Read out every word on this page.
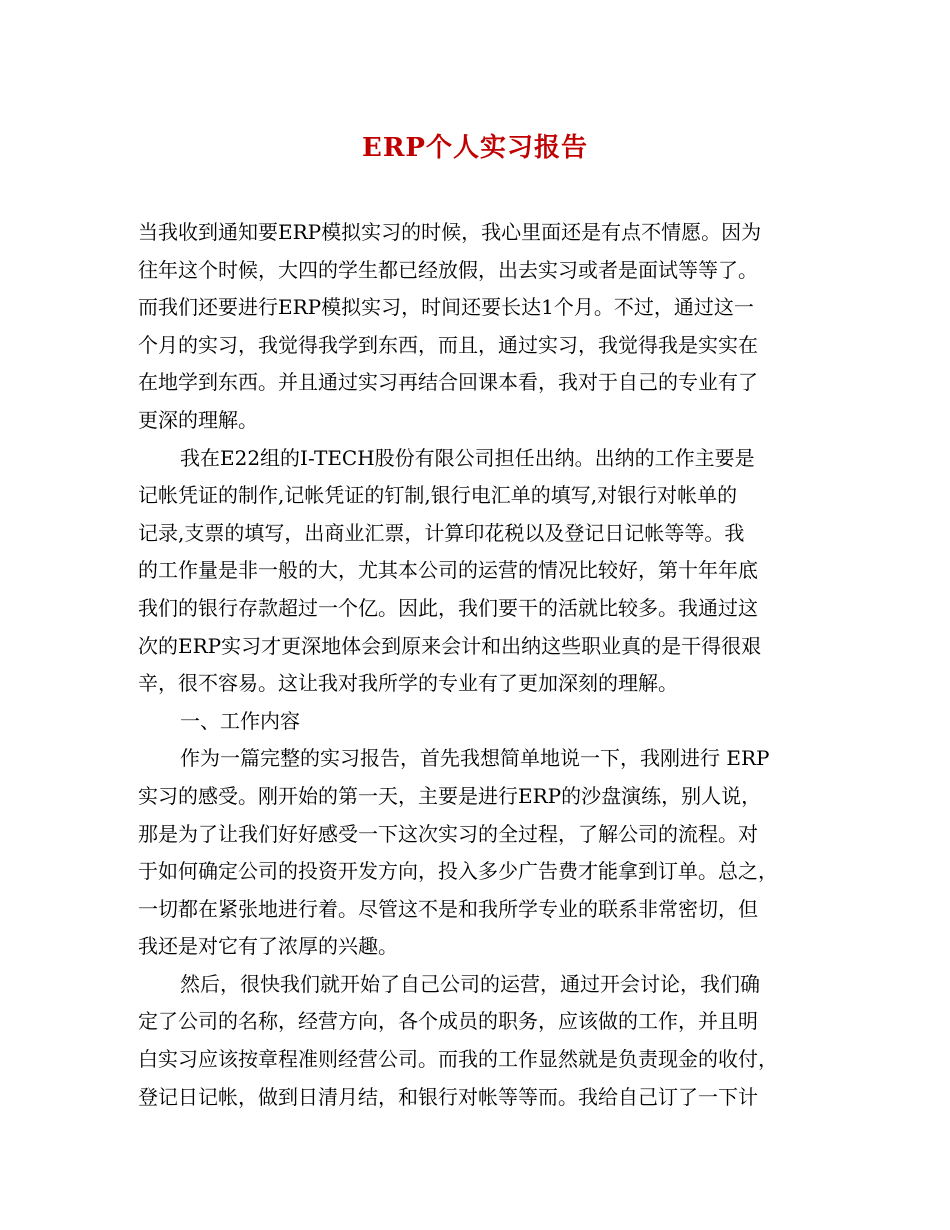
ERP个人实习报告
当我收到通知要ERP模拟实习的时候，我心里面还是有点不情愿。因为
往年这个时候，大四的学生都已经放假，出去实习或者是面试等等了。
而我们还要进行ERP模拟实习，时间还要长达1个月。不过，通过这一
个月的实习，我觉得我学到东西，而且，通过实习，我觉得我是实实在
在地学到东西。并且通过实习再结合回课本看，我对于自己的专业有了
更深的理解。
我在E22组的I-TECH股份有限公司担任出纳。出纳的工作主要是
记帐凭证的制作,记帐凭证的钉制,银行电汇单的填写,对银行对帐单的
记录,支票的填写，出商业汇票，计算印花税以及登记日记帐等等。我
的工作量是非一般的大，尤其本公司的运营的情况比较好，第十年年底
我们的银行存款超过一个亿。因此，我们要干的活就比较多。我通过这
次的ERP实习才更深地体会到原来会计和出纳这些职业真的是干得很艰
辛，很不容易。这让我对我所学的专业有了更加深刻的理解。
一、工作内容
作为一篇完整的实习报告，首先我想简单地说一下，我刚进行 ERP
实习的感受。刚开始的第一天，主要是进行ERP的沙盘演练，别人说，
那是为了让我们好好感受一下这次实习的全过程，了解公司的流程。对
于如何确定公司的投资开发方向，投入多少广告费才能拿到订单。总之，
一切都在紧张地进行着。尽管这不是和我所学专业的联系非常密切，但
我还是对它有了浓厚的兴趣。
然后，很快我们就开始了自己公司的运营，通过开会讨论，我们确
定了公司的名称，经营方向，各个成员的职务，应该做的工作，并且明
白实习应该按章程准则经营公司。而我的工作显然就是负责现金的收付，
登记日记帐，做到日清月结，和银行对帐等等而。我给自己订了一下计
